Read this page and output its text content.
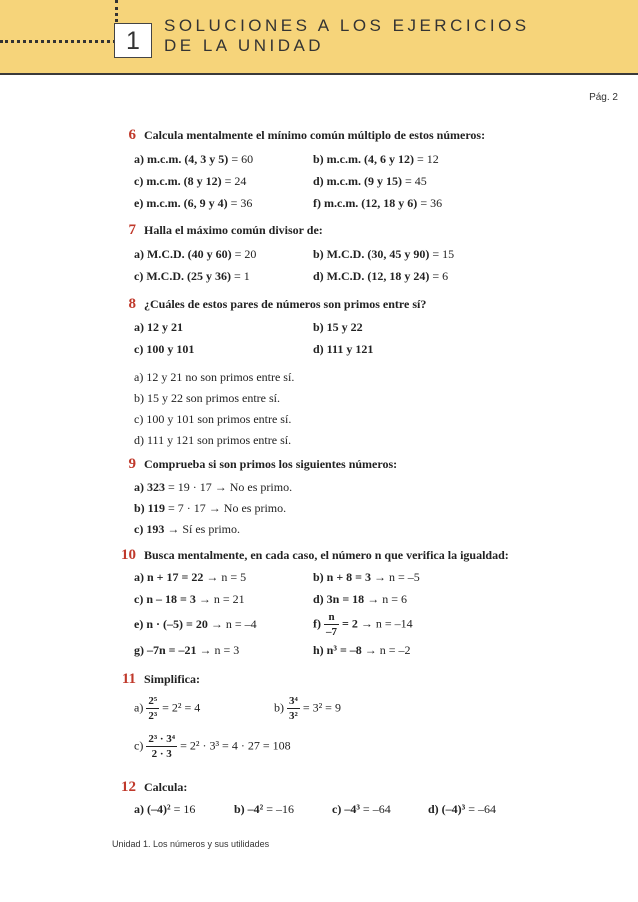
1
SOLUCIONES A LOS EJERCICIOS
DE LA UNIDAD
Pág. 2
6 Calcula mentalmente el mínimo común múltiplo de estos números:
a) m.c.m. (4, 3 y 5) = 60	b) m.c.m. (4, 6 y 12) = 12
c) m.c.m. (8 y 12) = 24	d) m.c.m. (9 y 15) = 45
e) m.c.m. (6, 9 y 4) = 36	f) m.c.m. (12, 18 y 6) = 36
7 Halla el máximo común divisor de:
a) M.C.D. (40 y 60) = 20	b) M.C.D. (30, 45 y 90) = 15
c) M.C.D. (25 y 36) = 1	d) M.C.D. (12, 18 y 24) = 6
8 ¿Cuáles de estos pares de números son primos entre sí?
a) 12 y 21	b) 15 y 22
c) 100 y 101	d) 111 y 121
a) 12 y 21 no son primos entre sí.
b) 15 y 22 son primos entre sí.
c) 100 y 101 son primos entre sí.
d) 111 y 121 son primos entre sí.
9 Comprueba si son primos los siguientes números:
a) 323 = 19 · 17 → No es primo.
b) 119 = 7 · 17 → No es primo.
c) 193 → Sí es primo.
10 Busca mentalmente, en cada caso, el número n que verifica la igualdad:
a) n + 17 = 22 → n = 5	b) n + 8 = 3 → n = –5
c) n – 18 = 3 → n = 21	d) 3n = 18 → n = 6
e) n · (–5) = 20 → n = –4	$f) \frac{n}{-7} = 2 \to n = -14$
g) –7n = –21 → n = 3	h) n³ = –8 → n = –2
11 Simplifica:
$a) \frac{\text{2⁵}}{\text{2³}} = 2^2 = 4$	$b) \frac{\text{3⁴}}{\text{3²}} = 3^2 = 9$
$c) \frac{\text{2³ · 3⁴}}{2 \cdot 3} = 2^2 \cdot 3^3 = 4 \cdot 27 = 108$
12 Calcula:
a) (–4)² = 16	b) –4² = –16	c) –4³ = –64	d) (–4)³ = –64
Unidad 1. Los números y sus utilidades
